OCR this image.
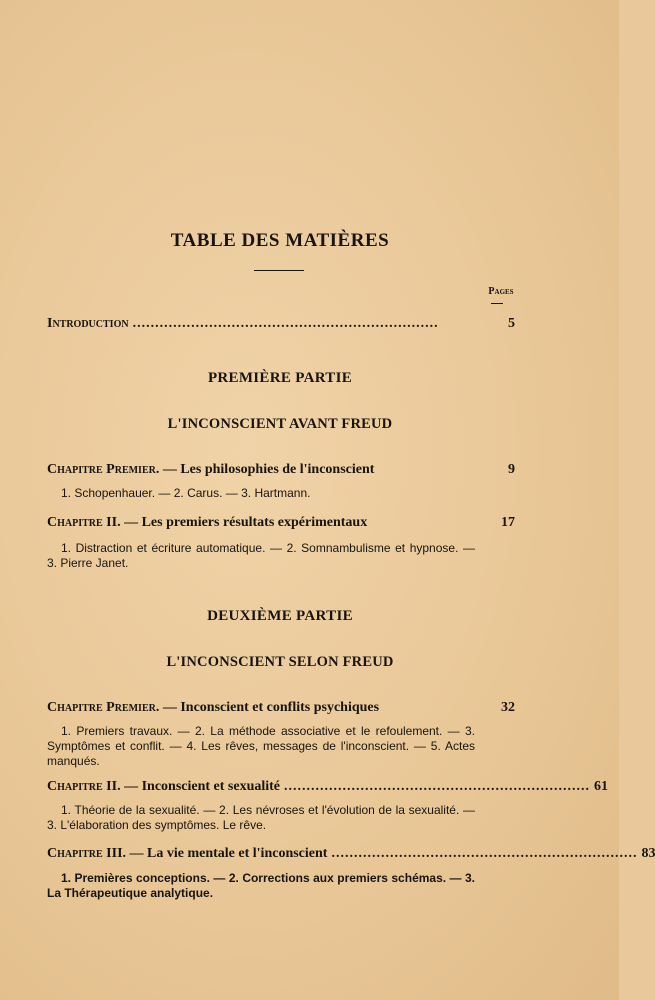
TABLE DES MATIÈRES
Pages
Introduction ....................................................................	5
PREMIÈRE PARTIE
L'INCONSCIENT AVANT FREUD
Chapitre Premier. — Les philosophies de l'inconscient	9
1. Schopenhauer. — 2. Carus. — 3. Hartmann.
Chapitre II. — Les premiers résultats expérimentaux	17
1. Distraction et écriture automatique. — 2. Somnambulisme et hypnose. — 3. Pierre Janet.
DEUXIÈME PARTIE
L'INCONSCIENT SELON FREUD
Chapitre Premier. — Inconscient et conflits psychiques	32
1. Premiers travaux. — 2. La méthode associative et le refoulement. — 3. Symptômes et conflit. — 4. Les rêves, messages de l'inconscient. — 5. Actes manqués.
Chapitre II. — Inconscient et sexualité .................................................................... 61
1. Théorie de la sexualité. — 2. Les névroses et l'évolution de la sexualité. — 3. L'élaboration des symptômes. Le rêve.
Chapitre III. — La vie mentale et l'inconscient .................................................................... 83
1. Premières conceptions. — 2. Corrections aux premiers schémas. — 3. La Thérapeutique analytique.
